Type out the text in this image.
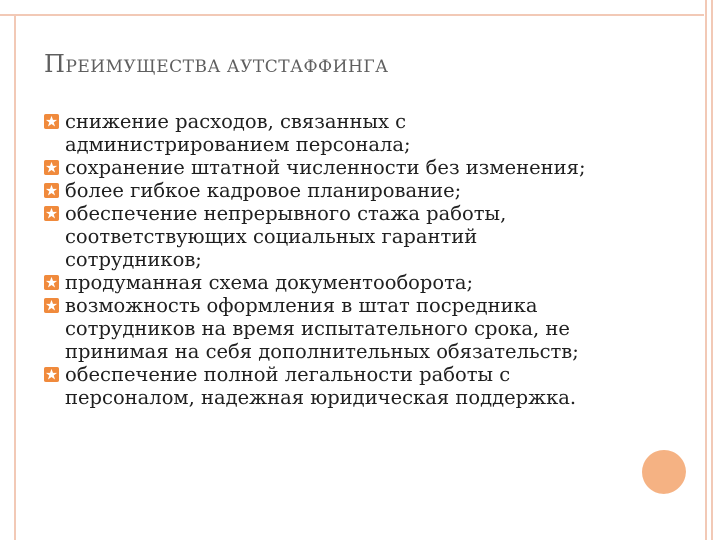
ПРЕИМУЩЕСТВА АУТСТАФФИНГА
снижение расходов, связанных с
администрированием персонала;
сохранение штатной численности без изменения;
более гибкое кадровое планирование;
обеспечение непрерывного стажа работы,
соответствующих социальных гарантий
сотрудников;
продуманная схема документооборота;
возможность оформления в штат посредника
сотрудников на время испытательного срока, не
принимая на себя дополнительных обязательств;
обеспечение полной легальности работы с
персоналом, надежная юридическая поддержка.
